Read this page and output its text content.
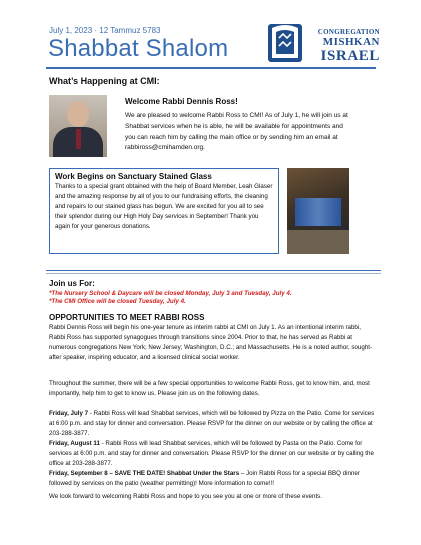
July 1, 2023 · 12 Tammuz 5783
Shabbat Shalom
CONGREGATION
MISHKAN
ISRAEL
What’s Happening at CMI:
Welcome Rabbi Dennis Ross!
We are pleased to welcome Rabbi Ross to CMI! As of July 1, he will join us at Shabbat services when he is able, he will be available for appointments and you can reach him by calling the main office or by sending him an email at rabbiross@cmihamden.org.
Work Begins on Sanctuary Stained Glass
Thanks to a special grant obtained with the help of Board Member, Leah Glaser and the amazing response by all of you to our fundraising efforts, the cleaning and repairs to our stained glass has begun. We are excited for you all to see their splendor during our High Holy Day services in September! Thank you again for your generous donations.
Join us For:
*The Nursery School & Daycare will be closed Monday, July 3 and Tuesday, July 4.
*The CMI Office will be closed Tuesday, July 4.
OPPORTUNITIES TO MEET RABBI ROSS

Rabbi Dennis Ross will begin his one-year tenure as interim rabbi at CMI on July 1. As an intentional interim rabbi, Rabbi Ross has supported synagogues through transitions since 2004. Prior to that, he has served as Rabbi at numerous congregations New York; New Jersey; Washington, D.C.; and Massachusetts. He is a noted author, sought-after speaker, inspiring educator, and a licensed clinical social worker.

Throughout the summer, there will be a few special opportunities to welcome Rabbi Ross, get to know him, and, most importantly, help him to get to know us. Please join us on the following dates.

Friday, July 7 - Rabbi Ross will lead Shabbat services, which will be followed by Pizza on the Patio. Come for services at 6:00 p.m. and stay for dinner and conversation. Please RSVP for the dinner on our website or by calling the office at 203-288-3877.
Friday, August 11 - Rabbi Ross will lead Shabbat services, which will be followed by Pasta on the Patio. Come for services at 6:00 p.m. and stay for dinner and conversation. Please RSVP for the dinner on our website or by calling the office at 203-288-3877.
Friday, September 8 – SAVE THE DATE! Shabbat Under the Stars – Join Rabbi Ross for a special BBQ dinner followed by services on the patio (weather permitting)! More information to come!!!

We look forward to welcoming Rabbi Ross and hope to you see you at one or more of these events.
